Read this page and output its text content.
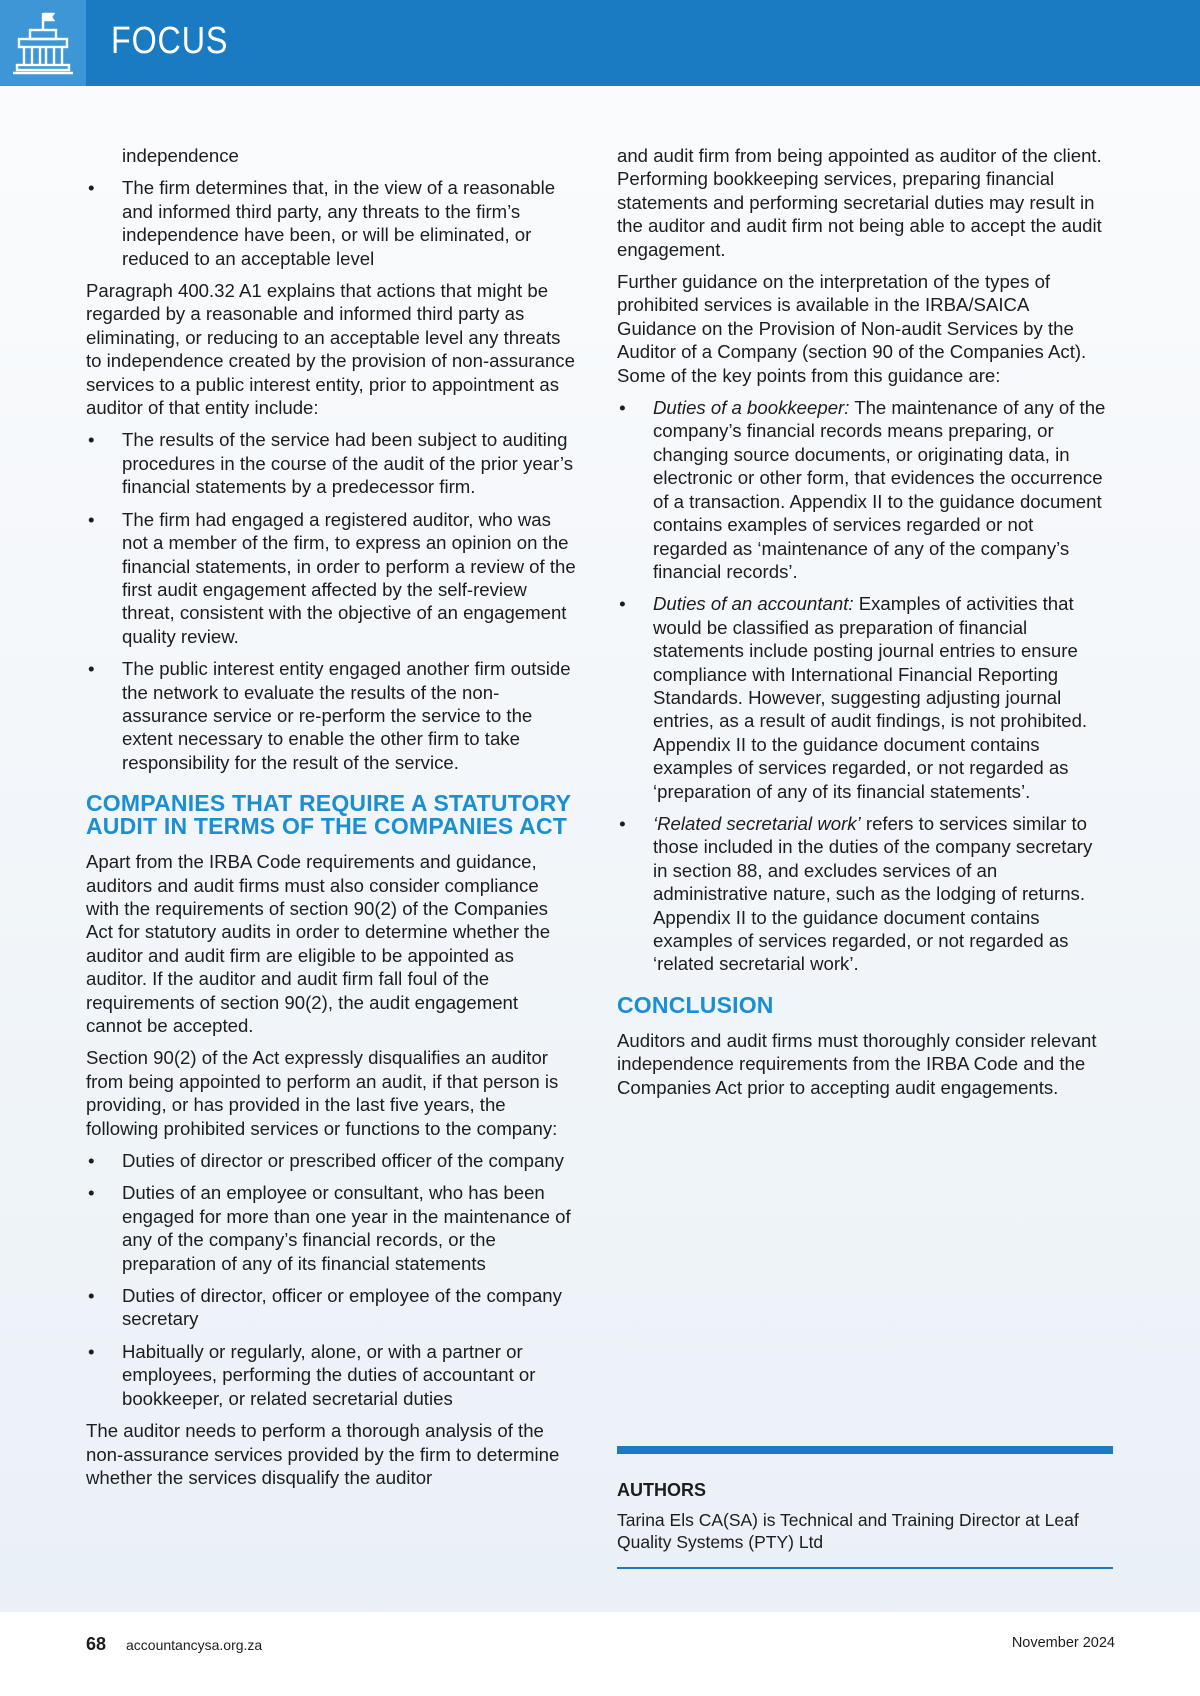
FOCUS
independence
• The firm determines that, in the view of a reasonable and informed third party, any threats to the firm’s independence have been, or will be eliminated, or reduced to an acceptable level
Paragraph 400.32 A1 explains that actions that might be regarded by a reasonable and informed third party as eliminating, or reducing to an acceptable level any threats to independence created by the provision of non-assurance services to a public interest entity, prior to appointment as auditor of that entity include:
• The results of the service had been subject to auditing procedures in the course of the audit of the prior year’s financial statements by a predecessor firm.
• The firm had engaged a registered auditor, who was not a member of the firm, to express an opinion on the financial statements, in order to perform a review of the first audit engagement affected by the self-review threat, consistent with the objective of an engagement quality review.
• The public interest entity engaged another firm outside the network to evaluate the results of the non-assurance service or re-perform the service to the extent necessary to enable the other firm to take responsibility for the result of the service.
COMPANIES THAT REQUIRE A STATUTORY AUDIT IN TERMS OF THE COMPANIES ACT
Apart from the IRBA Code requirements and guidance, auditors and audit firms must also consider compliance with the requirements of section 90(2) of the Companies Act for statutory audits in order to determine whether the auditor and audit firm are eligible to be appointed as auditor. If the auditor and audit firm fall foul of the requirements of section 90(2), the audit engagement cannot be accepted.
Section 90(2) of the Act expressly disqualifies an auditor from being appointed to perform an audit, if that person is providing, or has provided in the last five years, the following prohibited services or functions to the company:
• Duties of director or prescribed officer of the company
• Duties of an employee or consultant, who has been engaged for more than one year in the maintenance of any of the company’s financial records, or the preparation of any of its financial statements
• Duties of director, officer or employee of the company secretary
• Habitually or regularly, alone, or with a partner or employees, performing the duties of accountant or bookkeeper, or related secretarial duties
The auditor needs to perform a thorough analysis of the non-assurance services provided by the firm to determine whether the services disqualify the auditor
and audit firm from being appointed as auditor of the client. Performing bookkeeping services, preparing financial statements and performing secretarial duties may result in the auditor and audit firm not being able to accept the audit engagement.
Further guidance on the interpretation of the types of prohibited services is available in the IRBA/SAICA Guidance on the Provision of Non-audit Services by the Auditor of a Company (section 90 of the Companies Act). Some of the key points from this guidance are:
• Duties of a bookkeeper: The maintenance of any of the company’s financial records means preparing, or changing source documents, or originating data, in electronic or other form, that evidences the occurrence of a transaction. Appendix II to the guidance document contains examples of services regarded or not regarded as ‘maintenance of any of the company’s financial records’.
• Duties of an accountant: Examples of activities that would be classified as preparation of financial statements include posting journal entries to ensure compliance with International Financial Reporting Standards. However, suggesting adjusting journal entries, as a result of audit findings, is not prohibited. Appendix II to the guidance document contains examples of services regarded, or not regarded as ‘preparation of any of its financial statements’.
• ‘Related secretarial work’ refers to services similar to those included in the duties of the company secretary in section 88, and excludes services of an administrative nature, such as the lodging of returns. Appendix II to the guidance document contains examples of services regarded, or not regarded as ‘related secretarial work’.
CONCLUSION
Auditors and audit firms must thoroughly consider relevant independence requirements from the IRBA Code and the Companies Act prior to accepting audit engagements.
AUTHORS
Tarina Els CA(SA) is Technical and Training Director at Leaf Quality Systems (PTY) Ltd
68 accountancysa.org.za	November 2024
